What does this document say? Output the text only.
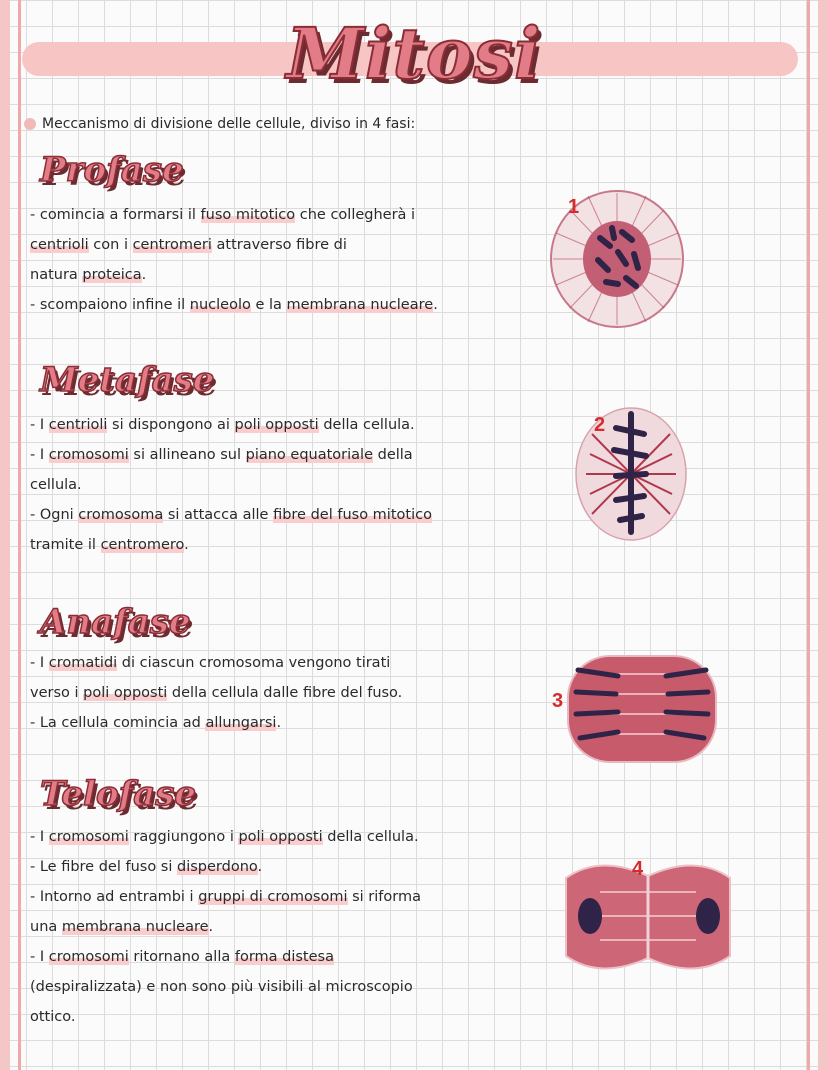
Mitosi
Meccanismo di divisione delle cellule, diviso in 4 fasi:
Profase
- comincia a formarsi il fuso mitotico che collegherà i
centrioli con i centromeri attraverso fibre di
natura proteica.
- scompaiono infine il nucleolo e la membrana nucleare.
1
Metafase
- I centrioli si dispongono ai poli opposti della cellula.
- I cromosomi si allineano sul piano equatoriale della
cellula.
- Ogni cromosoma si attacca alle fibre del fuso mitotico
tramite il centromero.
2
Anafase
- I cromatidi di ciascun cromosoma vengono tirati
verso i poli opposti della cellula dalle fibre del fuso.
- La cellula comincia ad allungarsi.
3
Telofase
- I cromosomi raggiungono i poli opposti della cellula.
- Le fibre del fuso si disperdono.
- Intorno ad entrambi i gruppi di cromosomi si riforma
una membrana nucleare.
- I cromosomi ritornano alla forma distesa
(despiralizzata) e non sono più visibili al microscopio
ottico.
4
